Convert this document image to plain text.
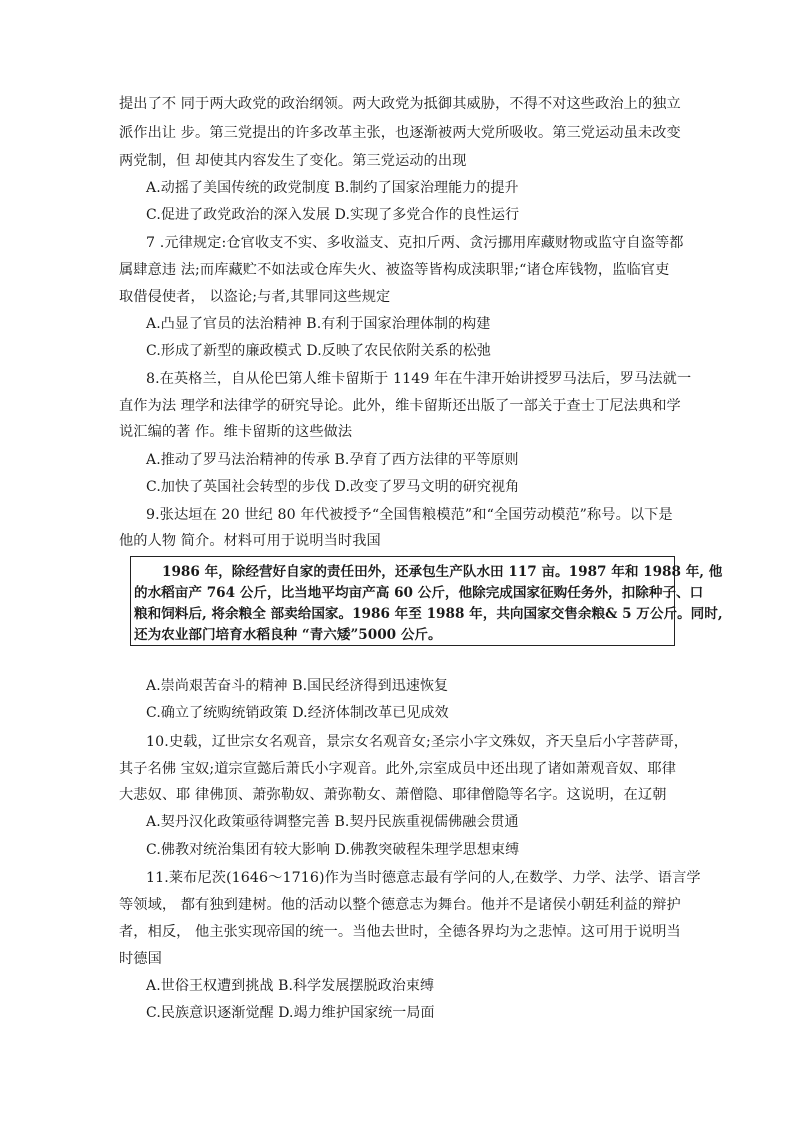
提出了不 同于两大政党的政治纲领。两大政党为抵御其威胁，不得不对这些政治上的独立
派作出让 步。第三党提出的许多改革主张，也逐渐被两大党所吸收。第三党运动虽未改变
两党制，但 却使其内容发生了变化。第三党运动的出现
A.动摇了美国传统的政党制度 B.制约了国家治理能力的提升
C.促进了政党政治的深入发展 D.实现了多党合作的良性运行
7 .元律规定:仓官收支不实、多收溢支、克扣斤两、贪污挪用库藏财物或监守自盗等都
属肆意违 法;而库藏贮不如法或仓库失火、被盗等皆构成渎职罪;“诸仓库钱物，监临官吏
取借侵使者， 以盗论;与者,其罪同这些规定
A.凸显了官员的法治精神 B.有利于国家治理体制的构建
C.形成了新型的廉政模式 D.反映了农民依附关系的松弛
8.在英格兰，自从伦巴第人维卡留斯于 1149 年在牛津开始讲授罗马法后，罗马法就一
直作为法 理学和法律学的研究导论。此外，维卡留斯还出版了一部关于查士丁尼法典和学
说汇编的著 作。维卡留斯的这些做法
A.推动了罗马法治精神的传承 B.孕育了西方法律的平等原则
C.加快了英国社会转型的步伐 D.改变了罗马文明的研究视角
9.张达垣在 20 世纪 80 年代被授予“全国售粮模范”和“全国劳动模范”称号。以下是
他的人物 简介。材料可用于说明当时我国
1986 年，除经营好自家的责任田外，还承包生产队水田 117 亩。1987 年和 1988 年, 他
的水稻亩产 764 公斤，比当地平均亩产高 60 公斤，他除完成国家征购任务外，扣除种子、口
粮和饲料后, 将余粮全 部卖给国家。1986 年至 1988 年，共向国家交售余粮& 5 万公斤。同时,
还为农业部门培育水稻良种 “青六矮”5000 公斤。
A.崇尚艰苦奋斗的精神 B.国民经济得到迅速恢复
C.确立了统购统销政策 D.经济体制改革已见成效
10.史载，辽世宗女名观音，景宗女名观音女;圣宗小字文殊奴，齐天皇后小字菩萨哥，
其子名佛 宝奴;道宗宣懿后萧氏小字观音。此外,宗室成员中还出现了诸如萧观音奴、耶律
大悲奴、耶 律佛顶、萧弥勒奴、萧弥勒女、萧僧隐、耶律僧隐等名字。这说明，在辽朝
A.契丹汉化政策亟待调整完善 B.契丹民族重视儒佛融会贯通
C.佛教对统治集团有较大影响 D.佛教突破程朱理学思想束缚
11.莱布尼茨(1646～1716)作为当时德意志最有学问的人,在数学、力学、法学、语言学
等领域， 都有独到建树。他的活动以整个德意志为舞台。他并不是诸侯小朝廷利益的辩护
者，相反， 他主张实现帝国的统一。当他去世时，全德各界均为之悲悼。这可用于说明当
时德国
A.世俗王权遭到挑战 B.科学发展摆脱政治束缚
C.民族意识逐渐觉醒 D.竭力维护国家统一局面
